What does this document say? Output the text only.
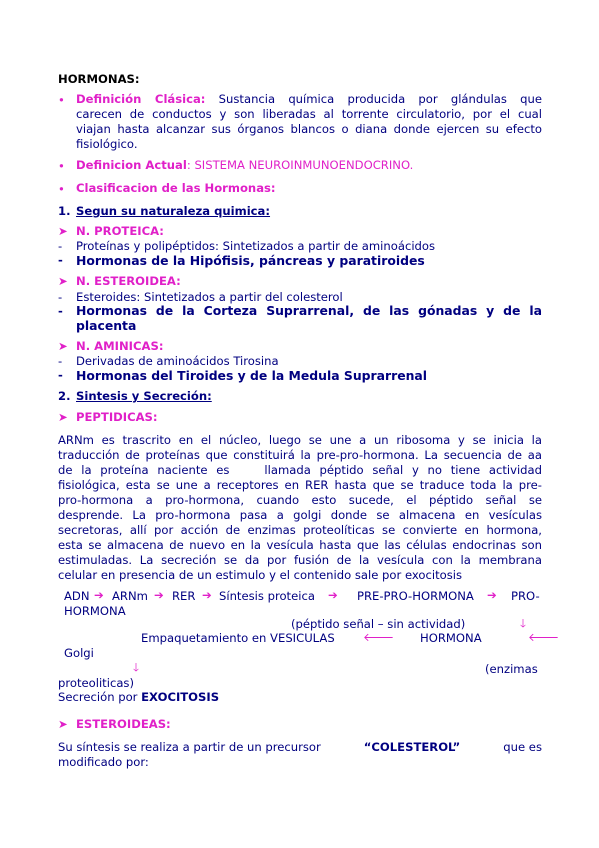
HORMONAS:
• Definición Clásica: Sustancia química producida por glándulas que
carecen de conductos y son liberadas al torrente circulatorio, por el cual
viajan hasta alcanzar sus órganos blancos o diana donde ejercen su efecto
fisiológico.
• Definicion Actual: SISTEMA NEUROINMUNOENDOCRINO.
• Clasificacion de las Hormonas:
1. Segun su naturaleza quimica:
➤ N. PROTEICA:
- Proteínas y polipéptidos: Sintetizados a partir de aminoácidos
- Hormonas de la Hipófisis, páncreas y paratiroides
➤ N. ESTEROIDEA:
- Esteroides: Sintetizados a partir del colesterol
- Hormonas de la Corteza Suprarrenal, de las gónadas y de la
placenta
➤ N. AMINICAS:
- Derivadas de aminoácidos Tirosina
- Hormonas del Tiroides y de la Medula Suprarrenal
2. Sintesis y Secreción:
➤ PEPTIDICAS:
ARNm es trascrito en el núcleo, luego se une a un ribosoma y se inicia la
traducción de proteínas que constituirá la pre-pro-hormona. La secuencia de aa
de la proteína naciente es    llamada péptido señal y no tiene actividad
fisiológica, esta se une a receptores en RER hasta que se traduce toda la pre-
pro-hormona a pro-hormona, cuando esto sucede, el péptido señal se
desprende. La pro-hormona pasa a golgi donde se almacena en vesículas
secretoras, allí por acción de enzimas proteolíticas se convierte en hormona,
esta se almacena de nuevo en la vesícula hasta que las células endocrinas son
estimuladas. La secreción se da por fusión de la vesícula con la membrana
celular en presencia de un estimulo y el contenido sale por exocitosis
ADN ➔ ARNm ➔ RER ➔ Síntesis proteica ➔ PRE-PRO-HORMONA ➔ PRO-
HORMONA
(péptido señal – sin actividad)	🡓
Empaquetamiento en VESICULAS 🡐 HORMONA	🡐
Golgi
🡓	(enzimas
proteoliticas)
Secreción por EXOCITOSIS
➤ ESTEROIDEAS:
Su síntesis se realiza a partir de un precursor	“COLESTEROL”	que es
modificado por:
